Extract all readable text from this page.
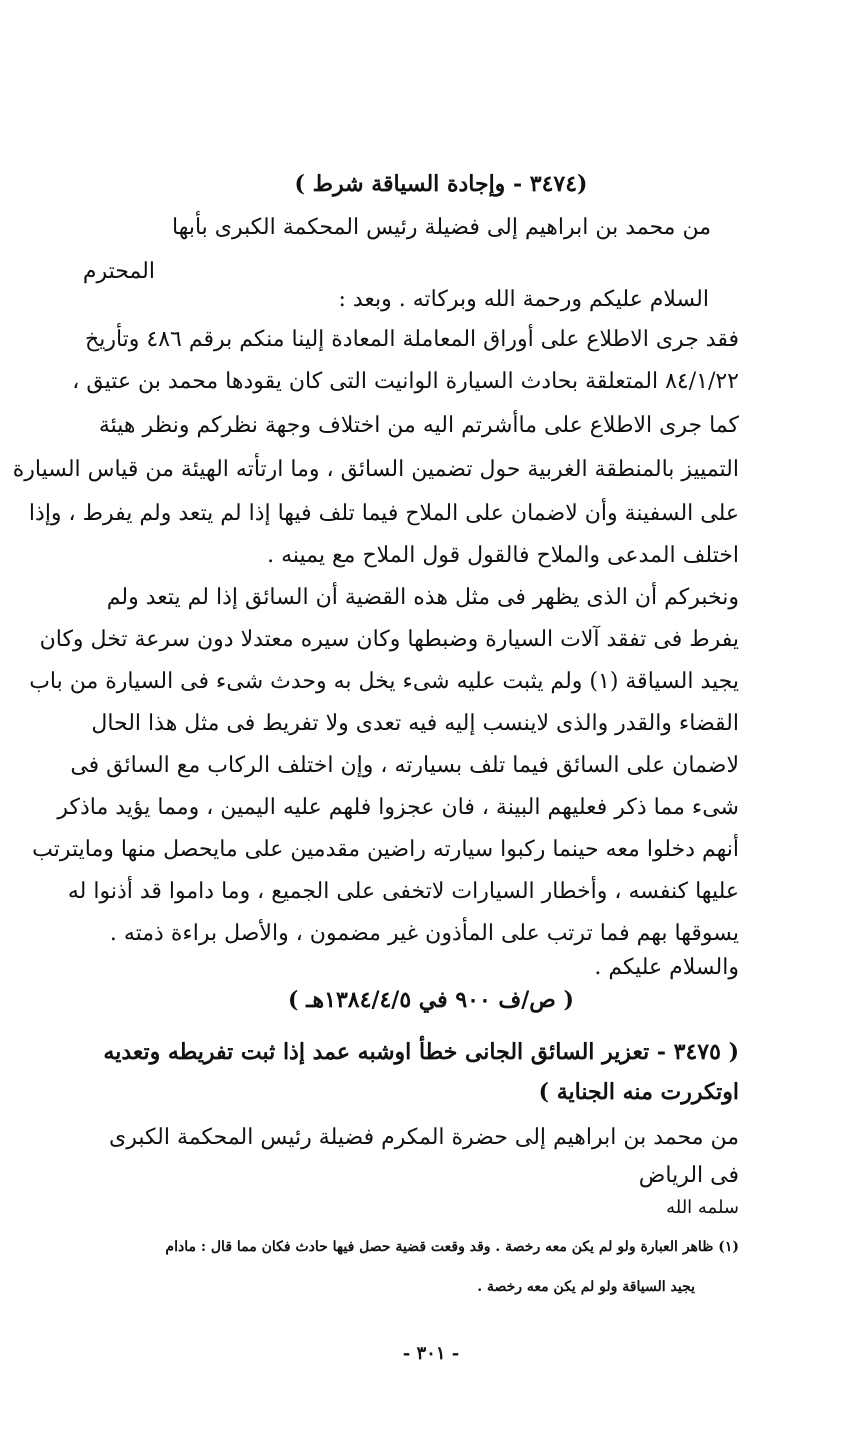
(٣٤٧٤ - وإجادة السياقة شرط )
من محمد بن ابراهيم إلى فضيلة رئيس المحكمة الكبرى بأبها
المحترم
السلام عليكم ورحمة الله وبركاته . وبعد :
فقد جرى الاطلاع على أوراق المعاملة المعادة إلينا منكم برقم ٤٨٦ وتأريخ
٨٤/١/٢٢ المتعلقة بحادث السيارة الوانيت التى كان يقودها محمد بن عتيق ،
كما جرى الاطلاع على ماأشرتم اليه من اختلاف وجهة نظركم ونظر هيئة
التمييز بالمنطقة الغربية حول تضمين السائق ، وما ارتأته الهيئة من قياس السيارة
على السفينة وأن لاضمان على الملاح فيما تلف فيها إذا لم يتعد ولم يفرط ، وإذا
اختلف المدعى والملاح فالقول قول الملاح مع يمينه .
ونخبركم أن الذى يظهر فى مثل هذه القضية أن السائق إذا لم يتعد ولم
يفرط فى تفقد آلات السيارة وضبطها وكان سيره معتدلا دون سرعة تخل وكان
يجيد السياقة (١) ولم يثبت عليه شىء يخل به وحدث شىء فى السيارة من باب
القضاء والقدر والذى لاينسب إليه فيه تعدى ولا تفريط فى مثل هذا الحال
لاضمان على السائق فيما تلف بسيارته ، وإن اختلف الركاب مع السائق فى
شىء مما ذكر فعليهم البينة ، فان عجزوا فلهم عليه اليمين ، ومما يؤيد ماذكر
أنهم دخلوا معه حينما ركبوا سيارته راضين مقدمين على مايحصل منها ومايترتب
عليها كنفسه ، وأخطار السيارات لاتخفى على الجميع ، وما داموا قد أذنوا له
يسوقها بهم فما ترتب على المأذون غير مضمون ، والأصل براءة ذمته .
والسلام عليكم .
( ص/ف ٩٠٠ في ١٣٨٤/٤/٥هـ )
( ٣٤٧٥ - تعزير السائق الجانى خطأ اوشبه عمد إذا ثبت تفريطه وتعديه
اوتكررت منه الجناية )
من محمد بن ابراهيم إلى حضرة المكرم فضيلة رئيس المحكمة الكبرى
فى الرياض
سلمه الله
(١) ظاهر العبارة ولو لم يكن معه رخصة . وقد وقعت قضية حصل فيها حادث فكان مما قال : مادام
يجيد السياقة ولو لم يكن معه رخصة .
- ٣٠١ -
